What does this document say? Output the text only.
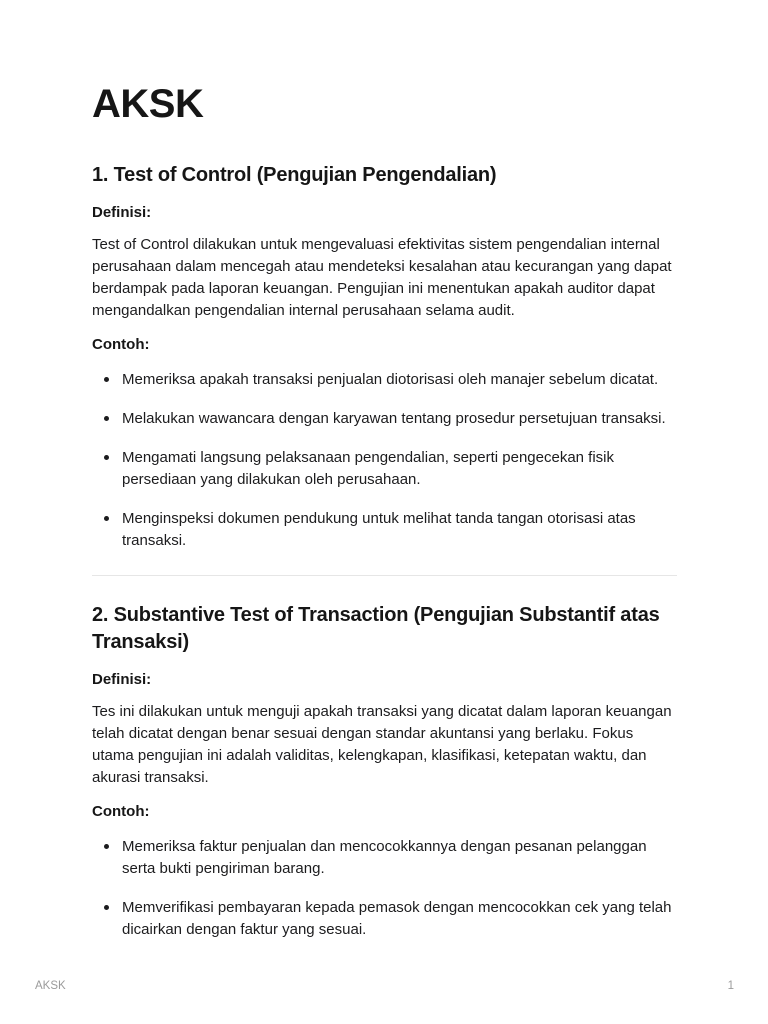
AKSK
1. Test of Control (Pengujian Pengendalian)
Definisi:

Test of Control dilakukan untuk mengevaluasi efektivitas sistem pengendalian internal perusahaan dalam mencegah atau mendeteksi kesalahan atau kecurangan yang dapat berdampak pada laporan keuangan. Pengujian ini menentukan apakah auditor dapat mengandalkan pengendalian internal perusahaan selama audit.

Contoh:
Memeriksa apakah transaksi penjualan diotorisasi oleh manajer sebelum dicatat.
Melakukan wawancara dengan karyawan tentang prosedur persetujuan transaksi.
Mengamati langsung pelaksanaan pengendalian, seperti pengecekan fisik persediaan yang dilakukan oleh perusahaan.
Menginspeksi dokumen pendukung untuk melihat tanda tangan otorisasi atas transaksi.
2. Substantive Test of Transaction (Pengujian Substantif atas Transaksi)
Definisi:

Tes ini dilakukan untuk menguji apakah transaksi yang dicatat dalam laporan keuangan telah dicatat dengan benar sesuai dengan standar akuntansi yang berlaku. Fokus utama pengujian ini adalah validitas, kelengkapan, klasifikasi, ketepatan waktu, dan akurasi transaksi.

Contoh:
Memeriksa faktur penjualan dan mencocokkannya dengan pesanan pelanggan serta bukti pengiriman barang.
Memverifikasi pembayaran kepada pemasok dengan mencocokkan cek yang telah dicairkan dengan faktur yang sesuai.
AKSK	1
